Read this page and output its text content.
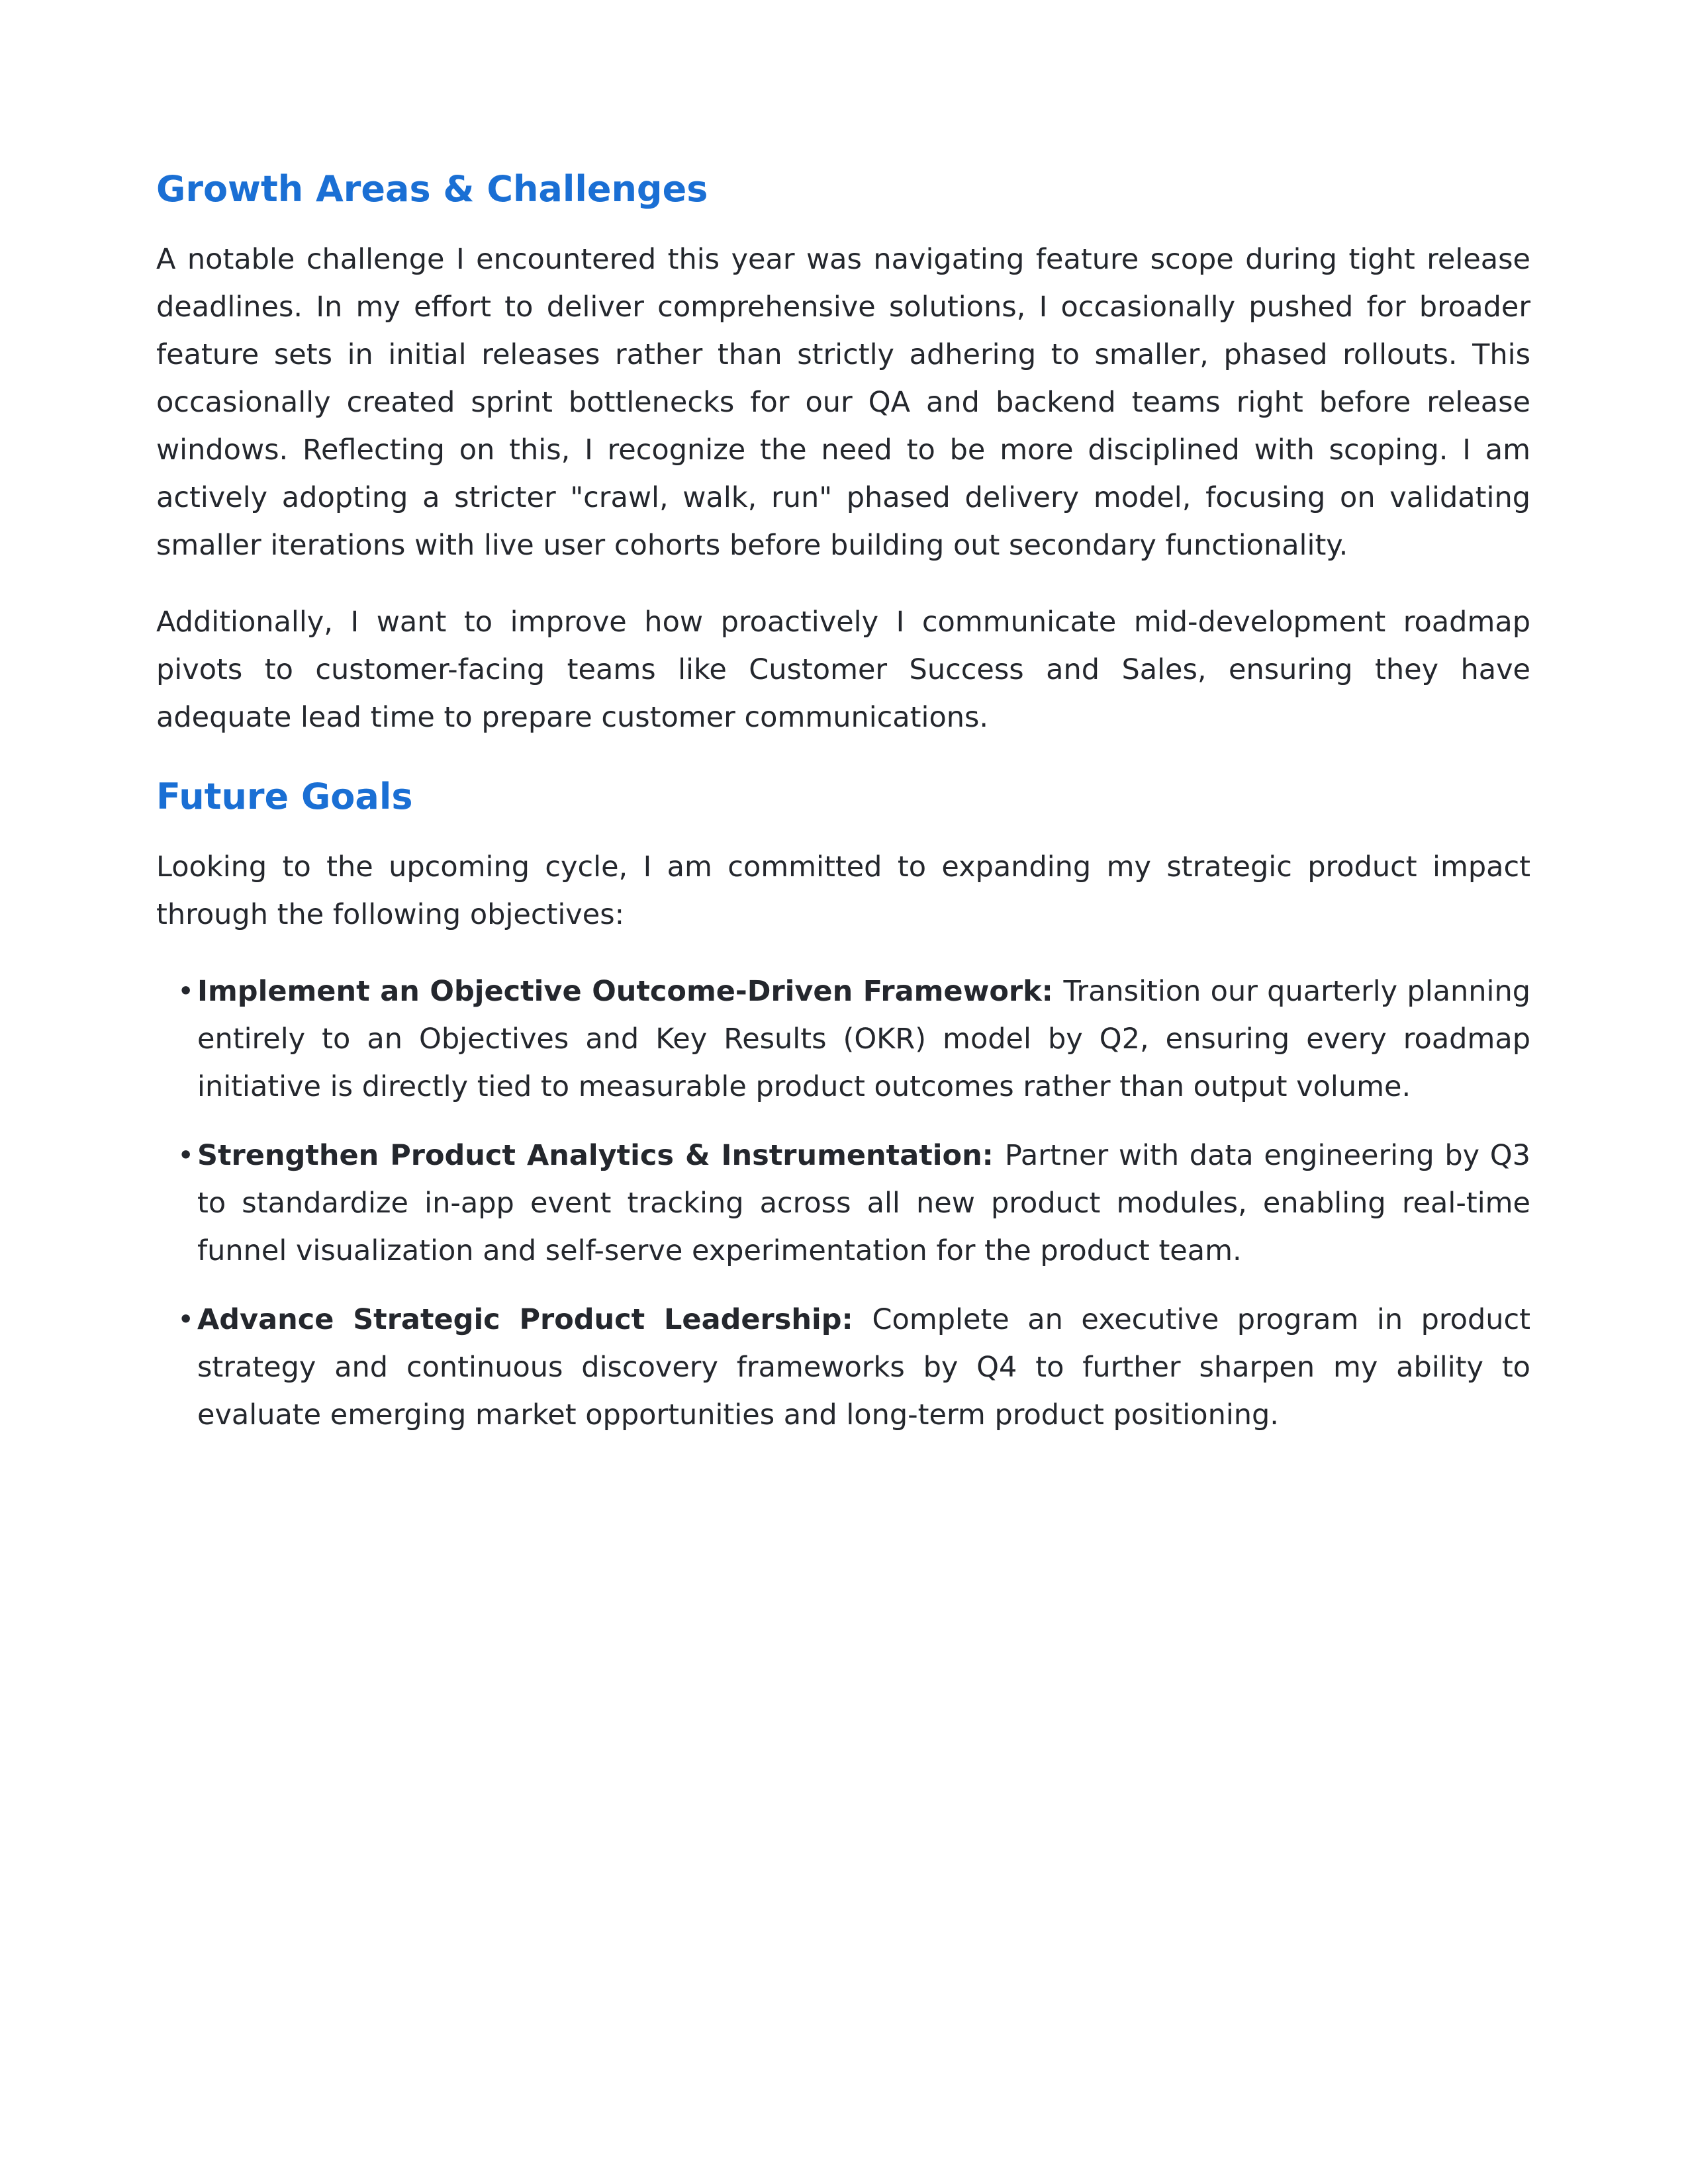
Growth Areas & Challenges

A notable challenge I encountered this year was navigating feature scope during tight release deadlines. In my effort to deliver comprehensive solutions, I occasionally pushed for broader feature sets in initial releases rather than strictly adhering to smaller, phased rollouts. This occasionally created sprint bottlenecks for our QA and backend teams right before release windows. Reflecting on this, I recognize the need to be more disciplined with scoping. I am actively adopting a stricter "crawl, walk, run" phased delivery model, focusing on validating smaller iterations with live user cohorts before building out secondary functionality.

Additionally, I want to improve how proactively I communicate mid-development roadmap pivots to customer-facing teams like Customer Success and Sales, ensuring they have adequate lead time to prepare customer communications.

Future Goals

Looking to the upcoming cycle, I am committed to expanding my strategic product impact through the following objectives:

• Implement an Objective Outcome-Driven Framework: Transition our quarterly planning entirely to an Objectives and Key Results (OKR) model by Q2, ensuring every roadmap initiative is directly tied to measurable product outcomes rather than output volume.
• Strengthen Product Analytics & Instrumentation: Partner with data engineering by Q3 to standardize in-app event tracking across all new product modules, enabling real-time funnel visualization and self-serve experimentation for the product team.
• Advance Strategic Product Leadership: Complete an executive program in product strategy and continuous discovery frameworks by Q4 to further sharpen my ability to evaluate emerging market opportunities and long-term product positioning.
